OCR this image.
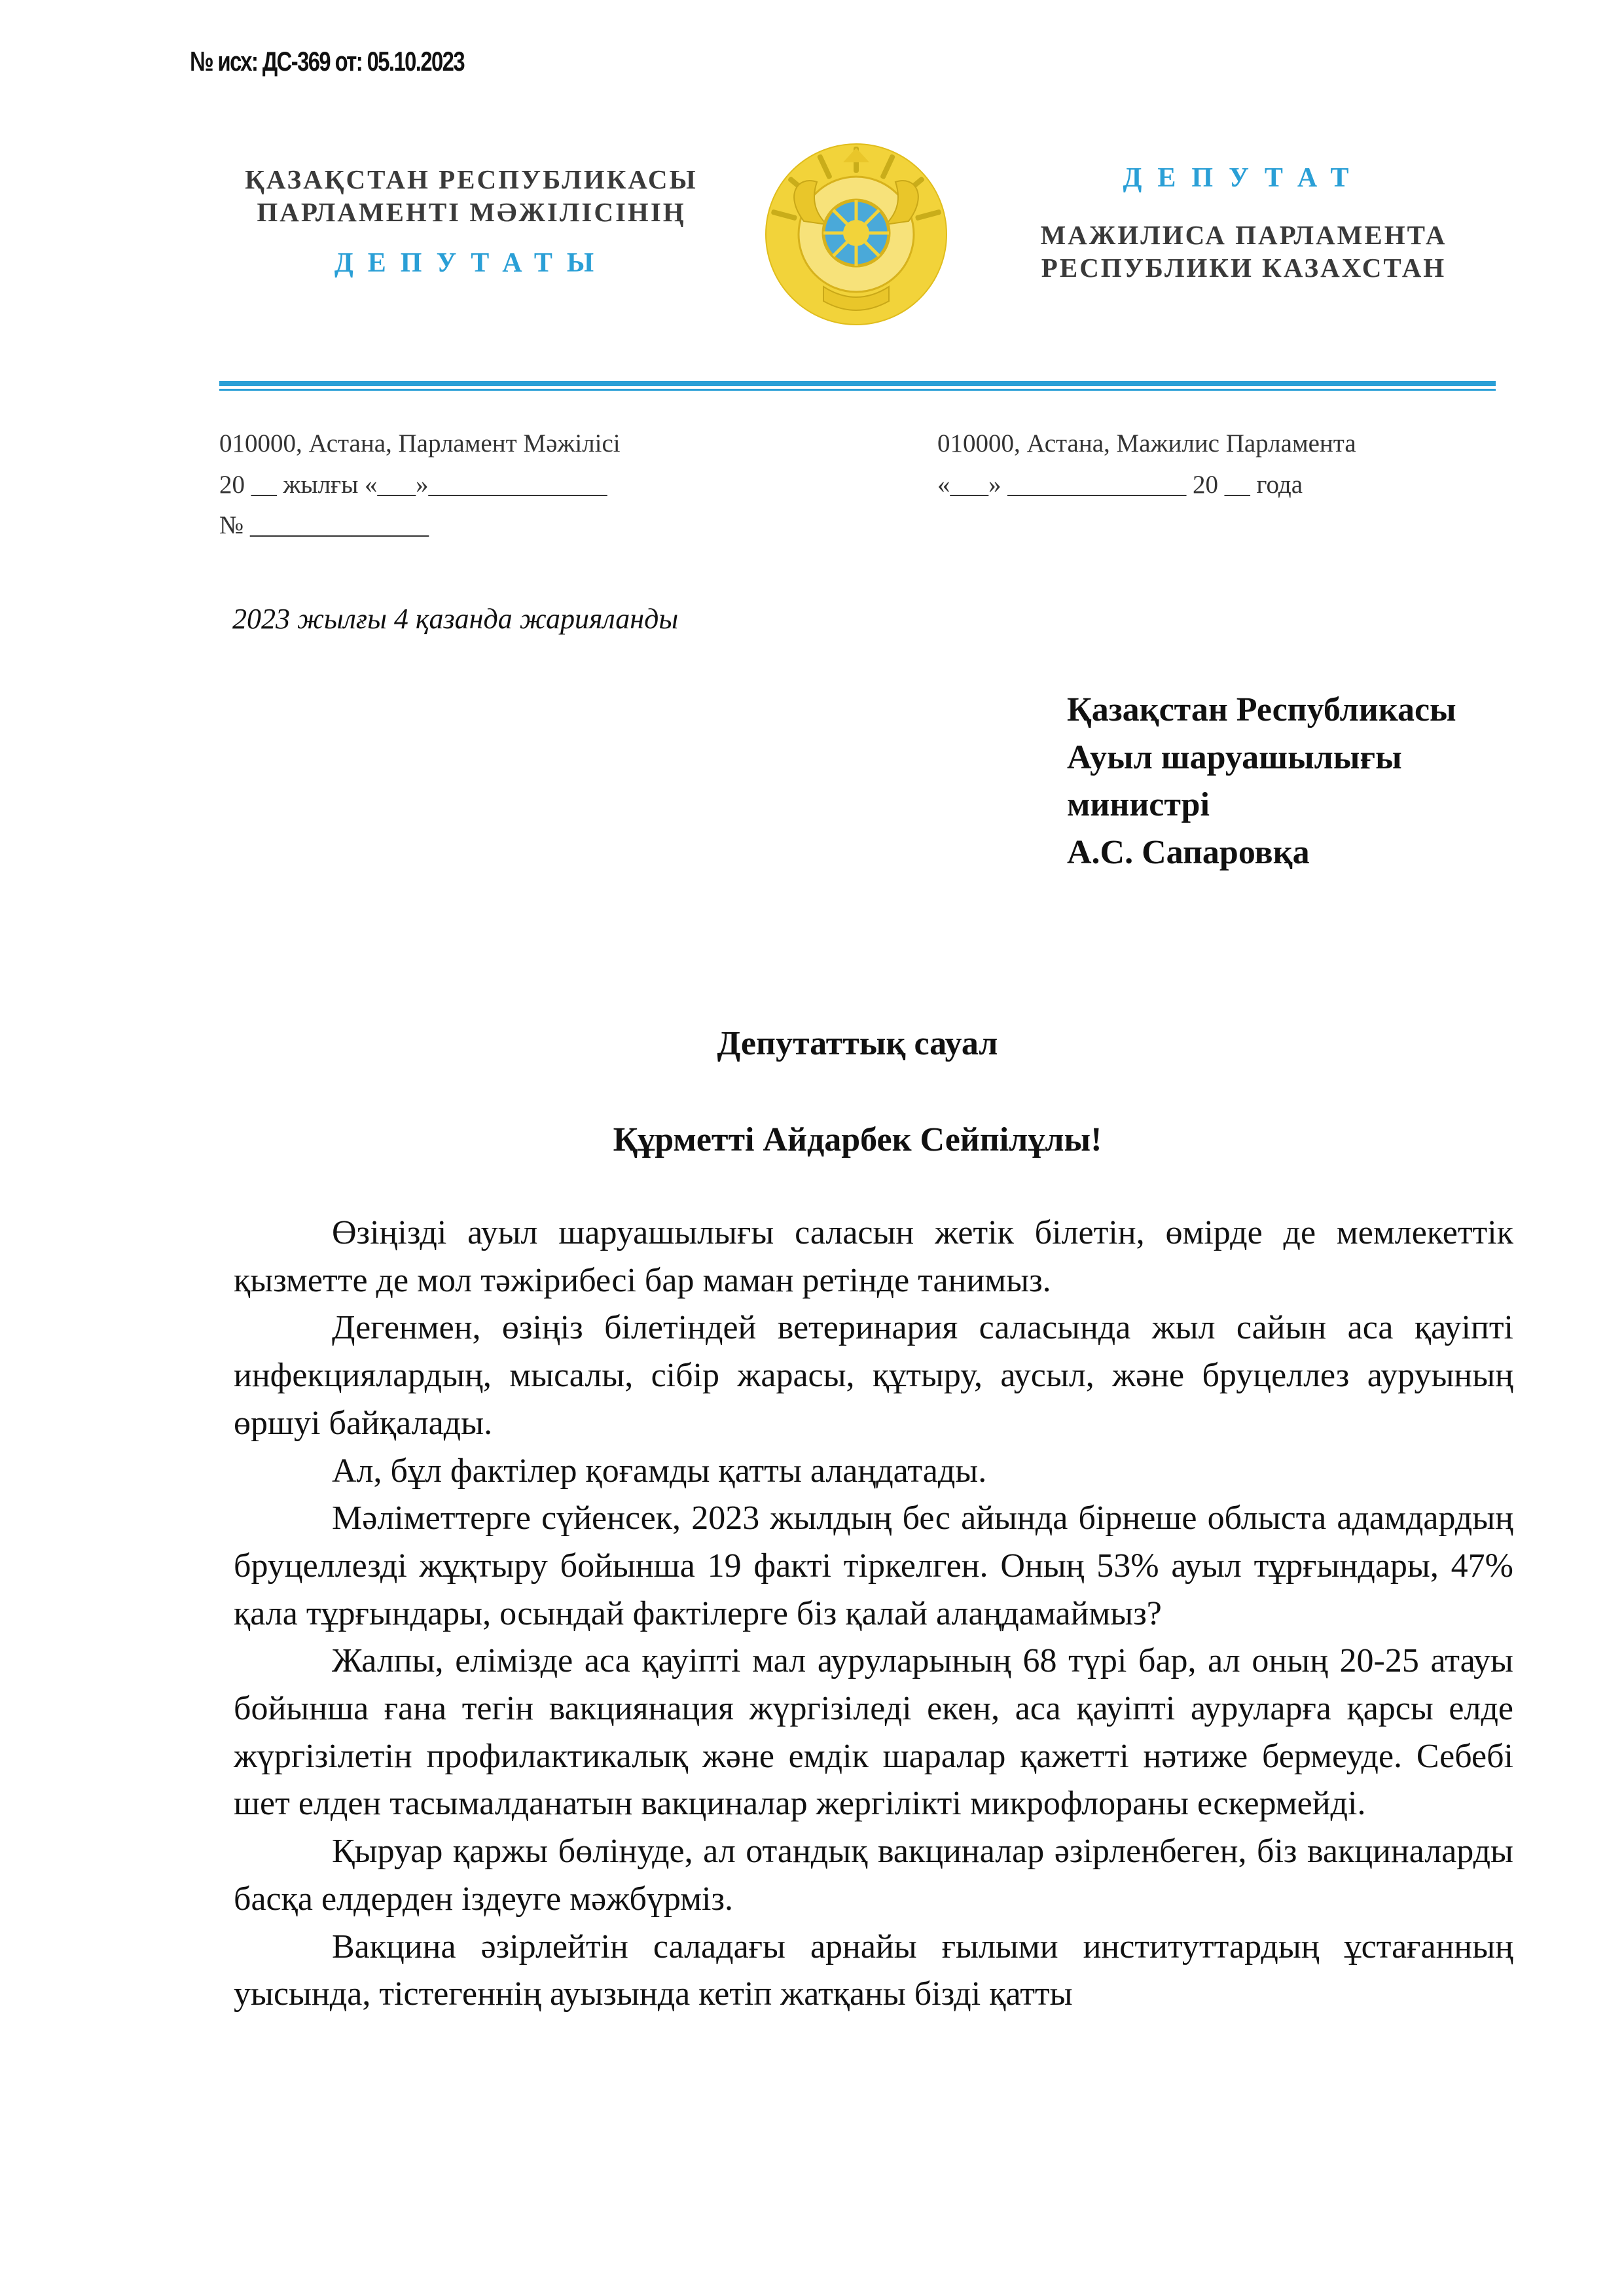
№ исх: ДС-369 от: 05.10.2023
ҚАЗАҚСТАН РЕСПУБЛИКАСЫ
ПАРЛАМЕНТІ МӘЖІЛІСІНІҢ
ДЕПУТАТЫ
ДЕПУТАТ
МАЖИЛИСА ПАРЛАМЕНТА
РЕСПУБЛИКИ КАЗАХСТАН
010000, Астана, Парламент Мәжілісі
20 __ жылғы «___»______________
№ ______________
010000, Астана, Мажилис Парламента
«___» ______________ 20 __ года
2023 жылғы 4 қазанда жарияланды
Қазақстан Республикасы
Ауыл шаруашылығы
министрі
А.С. Сапаровқа
Депутаттық сауал
Құрметті Айдарбек Сейпілұлы!

Өзіңізді ауыл шаруашылығы саласын жетік білетін, өмірде де мемлекеттік қызметте де мол тәжірибесі бар маман ретінде танимыз.

Дегенмен, өзіңіз білетіндей ветеринария саласында жыл сайын аса қауіпті инфекциялардың, мысалы, сібір жарасы, құтыру, аусыл, және бруцеллез ауруының өршуі байқалады.

Ал, бұл фактілер қоғамды қатты алаңдатады.

Мәліметтерге сүйенсек, 2023 жылдың бес айында бірнеше облыста адамдардың бруцеллезді жұқтыру бойынша 19 факті тіркелген. Оның 53% ауыл тұрғындары, 47% қала тұрғындары, осындай фактілерге біз қалай алаңдамаймыз?

Жалпы, елімізде аса қауіпті мал ауруларының 68 түрі бар, ал оның 20-25 атауы бойынша ғана тегін вакциянация жүргізіледі екен, аса қауіпті ауруларға қарсы елде жүргізілетін профилактикалық және емдік шаралар қажетті нәтиже бермеуде. Себебі шет елден тасымалданатын вакциналар жергілікті микрофлораны ескермейді.

Қыруар қаржы бөлінуде, ал отандық вакциналар әзірленбеген, біз вакциналарды басқа елдерден іздеуге мәжбүрміз.

Вакцина әзірлейтін саладағы арнайы ғылыми институттардың ұстағанның уысында, тістегеннің ауызында кетіп жатқаны бізді қатты
